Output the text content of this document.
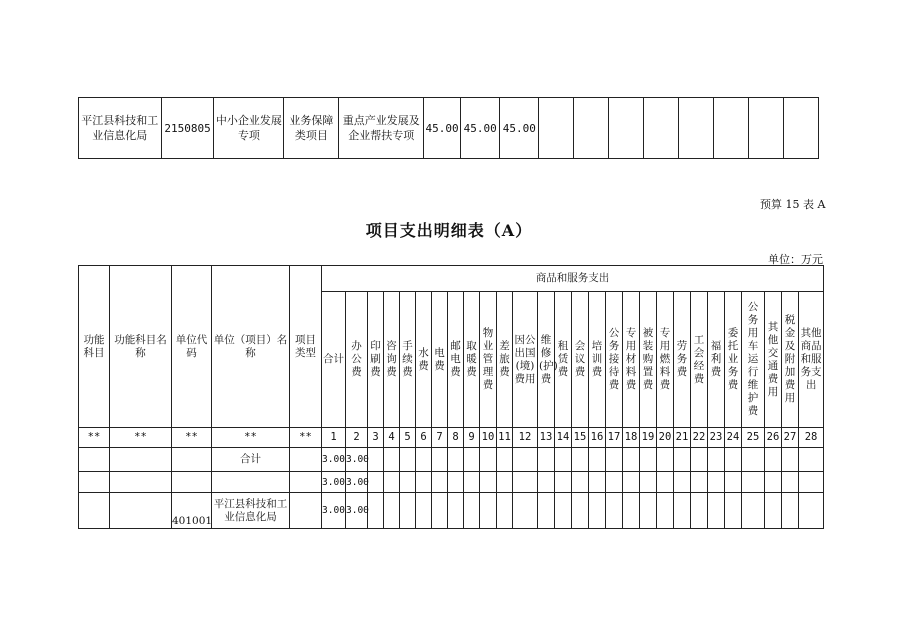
平江县科技和工业信息化局	2150805	中小企业发展专项	业务保障类项目	重点产业发展及企业帮扶专项	45.00	45.00	45.00								
预算 15 表 A
项目支出明细表（A）
单位：万元
功能科目	功能科目名称	单位代码	单位（项目）名称	项目类型	商品和服务支出																											
					合计	办公费	印刷费	咨询费	手续费	水费	电费	邮电费	取暖费	物业管理费	差旅费	因公出国(境)费用	维修(护)费	租赁费	会议费	培训费	公务接待费	专用材料费	被装购置费	专用燃料费	劳务费	工会经费	福利费	委托业务费	公务用车运行维护费	其他交通费用	税金及附加费用	其他商品和服务支出
**	**	**	**	**	1	2	3	4	5	6	7	8	9	10	11	12	13	14	15	16	17	18	19	20	21	22	23	24	25	26	27	28
			合计		3.00	3.00																										
					3.00	3.00																										
		401001	平江县科技和工业信息化局		3.00	3.00																										
